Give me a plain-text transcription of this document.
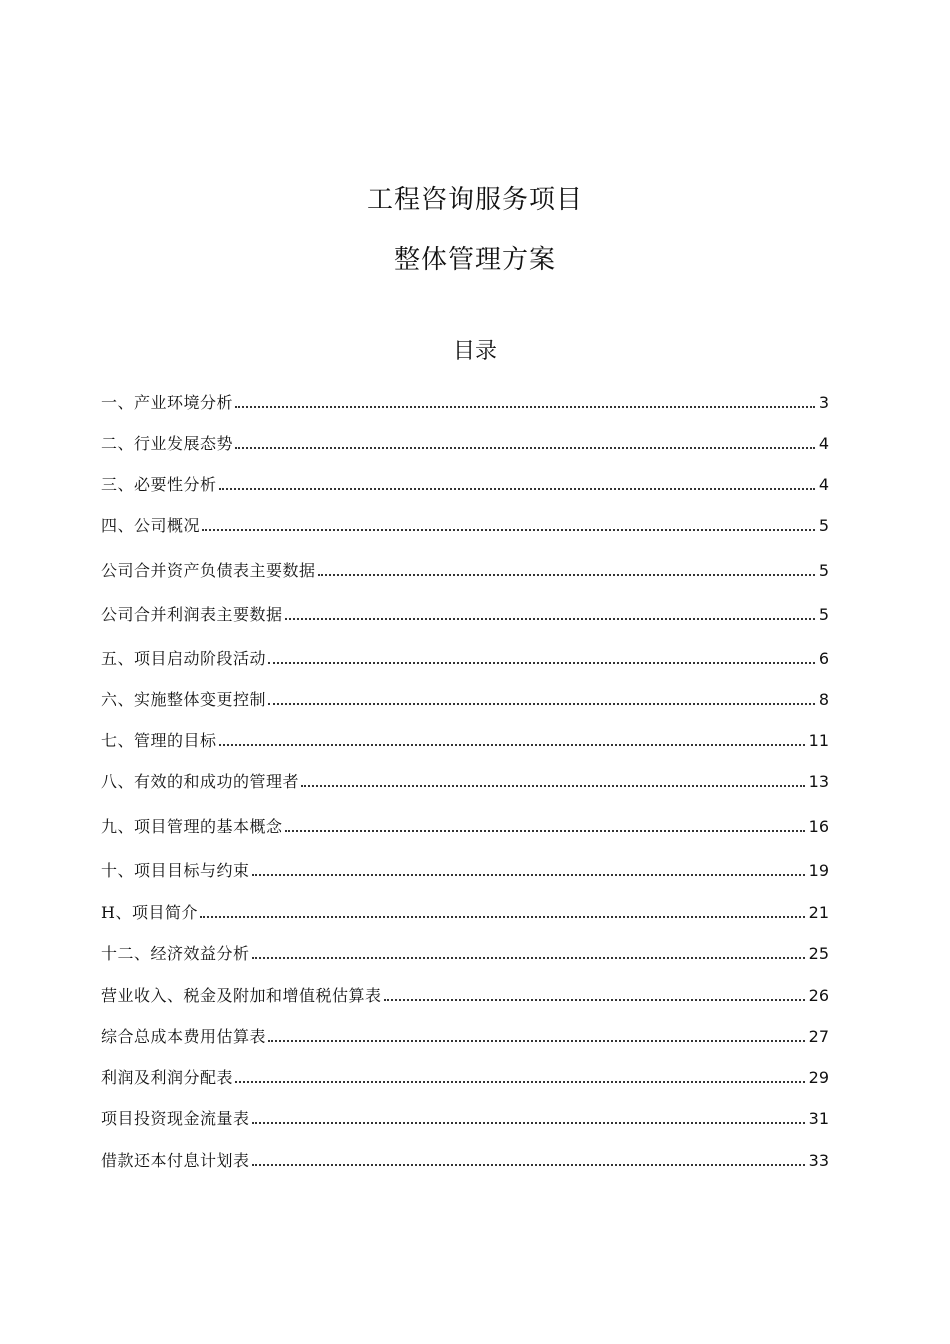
工程咨询服务项目
整体管理方案
目录
一、产业环境分析	3
二、行业发展态势	4
三、必要性分析	4
四、公司概况	5
公司合并资产负债表主要数据	5
公司合并利润表主要数据	5
五、项目启动阶段活动	6
六、实施整体变更控制	8
七、管理的目标	11
八、有效的和成功的管理者	13
九、项目管理的基本概念	16
十、项目目标与约束	19
H、项目简介	21
十二、经济效益分析	25
营业收入、税金及附加和增值税估算表	26
综合总成本费用估算表	27
利润及利润分配表	29
项目投资现金流量表	31
借款还本付息计划表	33
